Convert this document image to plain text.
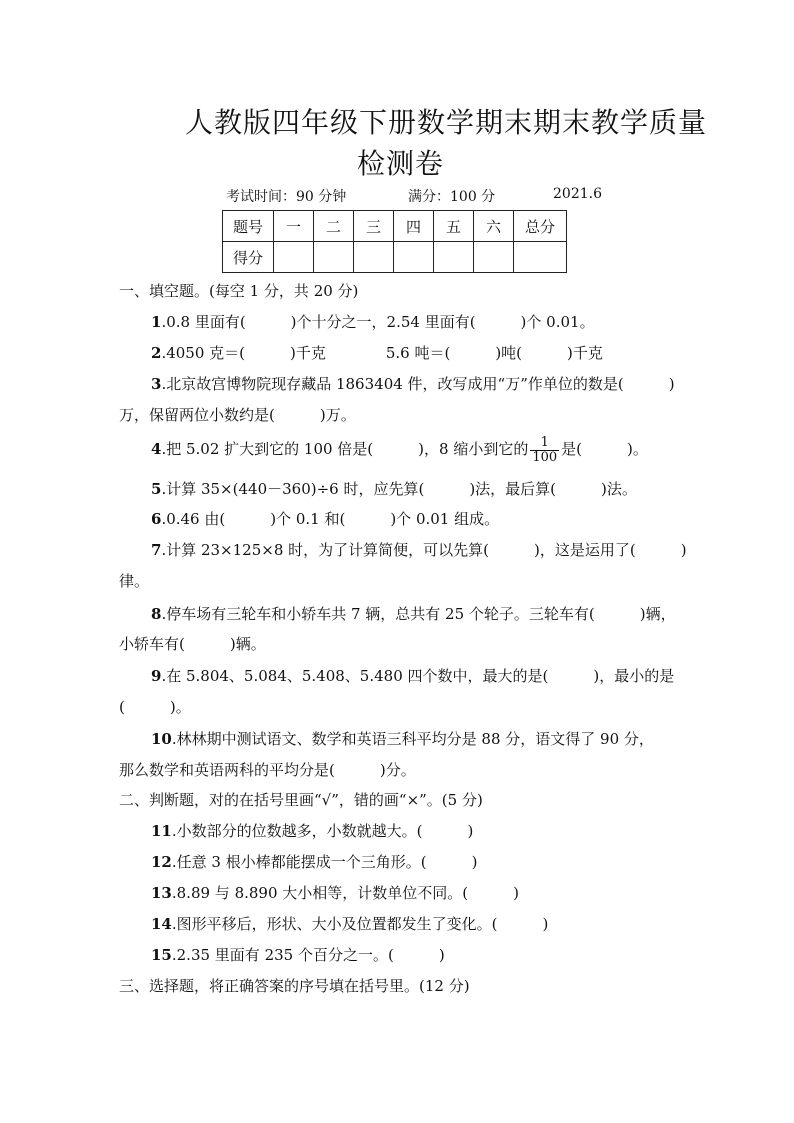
人教版四年级下册数学期末期末教学质量
检测卷
考试时间：90 分钟	满分：100 分	2021.6
题号	一	二	三	四	五	六	总分
得分							
一、填空题。(每空 1 分，共 20 分)
1.0.8 里面有(　　　)个十分之一，2.54 里面有(　　　)个 0.01。
2.4050 克＝(　　　)千克　　　　5.6 吨＝(　　　)吨(　　　)千克
3.北京故宫博物院现存藏品 1863404 件，改写成用“万”作单位的数是(　　　)
万，保留两位小数约是(　　　)万。
4.把 5.02 扩大到它的 100 倍是(　　　)，8 缩小到它的 $\frac{1}{100}$ 是(　　　)。
5.计算 35×(440－360)÷6 时，应先算(　　　)法，最后算(　　　)法。
6.0.46 由(　　　)个 0.1 和(　　　)个 0.01 组成。
7.计算 23×125×8 时，为了计算简便，可以先算(　　　)，这是运用了(　　　)
律。
8.停车场有三轮车和小轿车共 7 辆，总共有 25 个轮子。三轮车有(　　　)辆，
小轿车有(　　　)辆。
9.在 5.804、5.084、5.408、5.480 四个数中，最大的是(　　　)，最小的是
(　　　)。
10.林林期中测试语文、数学和英语三科平均分是 88 分，语文得了 90 分，
那么数学和英语两科的平均分是(　　　)分。
二、判断题，对的在括号里画“√”，错的画“×”。(5 分)
11.小数部分的位数越多，小数就越大。(　　　)
12.任意 3 根小棒都能摆成一个三角形。(　　　)
13.8.89 与 8.890 大小相等，计数单位不同。(　　　)
14.图形平移后，形状、大小及位置都发生了变化。(　　　)
15.2.35 里面有 235 个百分之一。(　　　)
三、选择题，将正确答案的序号填在括号里。(12 分)
